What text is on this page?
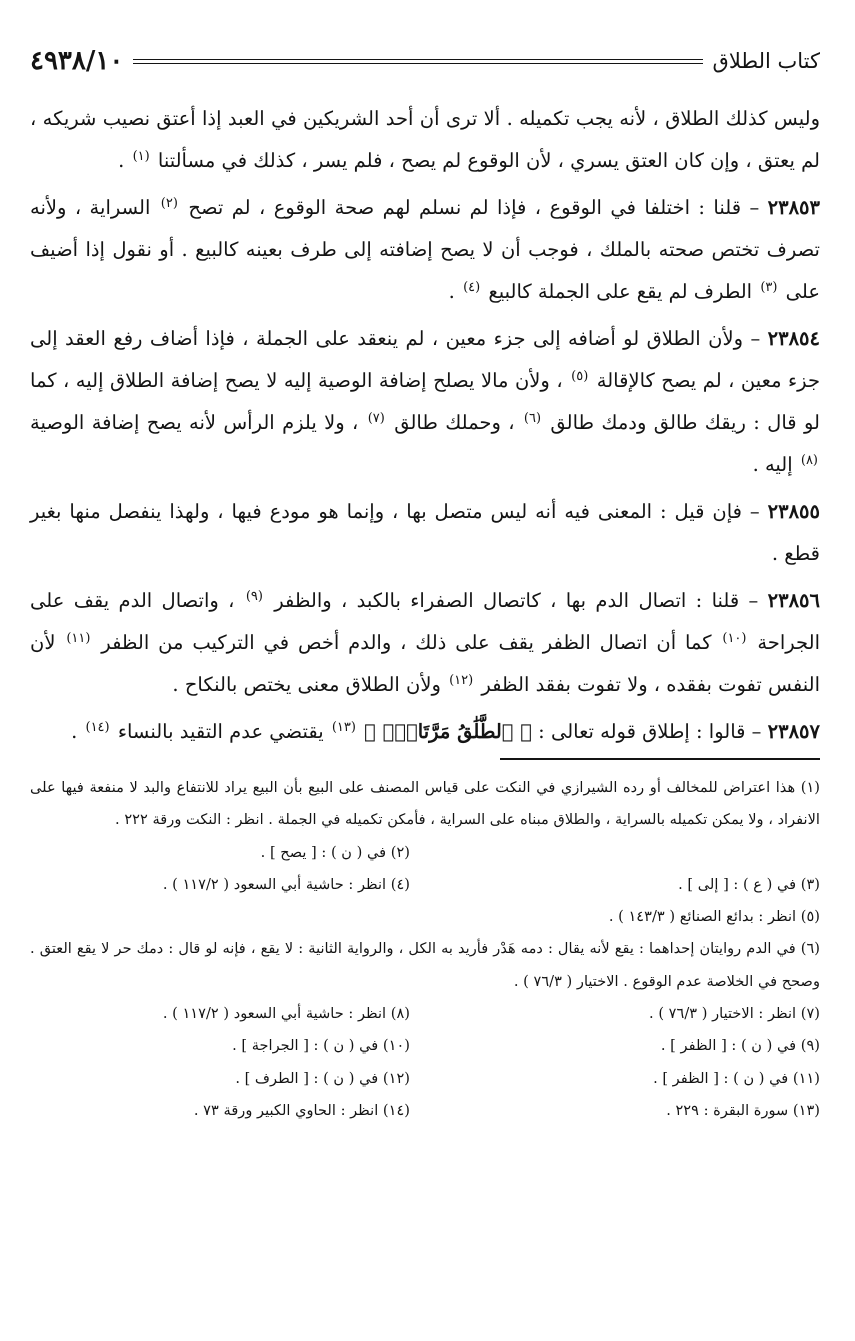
كتاب الطلاق
٤٩٣٨/١٠

وليس كذلك الطلاق ، لأنه يجب تكميله . ألا ترى أن أحد الشريكين في العبد إذا أعتق نصيب شريكه ، لم يعتق ، وإن كان العتق يسري ، لأن الوقوع لم يصح ، فلم يسر ، كذلك في مسألتنا $^{(١)}$ .

٢٣٨٥٣ – قلنا : اختلفا في الوقوع ، فإذا لم نسلم لهم صحة الوقوع ، لم تصح $^{(٢)}$ السراية ، ولأنه تصرف تختص صحته بالملك ، فوجب أن لا يصح إضافته إلى طرف بعينه كالبيع . أو نقول إذا أضيف على $^{(٣)}$ الطرف لم يقع على الجملة كالبيع $^{(٤)}$ .

٢٣٨٥٤ – ولأن الطلاق لو أضافه إلى جزء معين ، لم ينعقد على الجملة ، فإذا أضاف رفع العقد إلى جزء معين ، لم يصح كالإقالة $^{(٥)}$ ، ولأن مالا يصلح إضافة الوصية إليه لا يصح إضافة الطلاق إليه ، كما لو قال : ريقك طالق ودمك طالق $^{(٦)}$ ، وحملك طالق $^{(٧)}$ ، ولا يلزم الرأس لأنه يصح إضافة الوصية $^{(٨)}$ إليه .

٢٣٨٥٥ – فإن قيل : المعنى فيه أنه ليس متصل بها ، وإنما هو مودع فيها ، ولهذا ينفصل منها بغير قطع .

٢٣٨٥٦ – قلنا : اتصال الدم بها ، كاتصال الصفراء بالكبد ، والظفر $^{(٩)}$ ، واتصال الدم يقف على الجراحة $^{(١٠)}$ كما أن اتصال الظفر يقف على ذلك ، والدم أخص في التركيب من الظفر $^{(١١)}$ لأن النفس تفوت بفقده ، ولا تفوت بفقد الظفر $^{(١٢)}$ ولأن الطلاق معنى يختص بالنكاح .

٢٣٨٥٧ – قالوا : إطلاق قوله تعالى : ﴿ ٱلطَّلَٰقُ مَرَّتَانِۖ ﴾ $^{(١٣)}$ يقتضي عدم التقيد بالنساء $^{(١٤)}$ .

(١) هذا اعتراض للمخالف أو رده الشيرازي في النكت على قياس المصنف على البيع بأن البيع يراد للانتفاع والبد لا منفعة فيها على الانفراد ، ولا يمكن تكميله بالسراية ، والطلاق مبناه على السراية ، فأمكن تكميله في الجملة . انظر : النكت ورقة ٢٢٢ .
(٢) في ( ن ) : [ يصح ] .
(٣) في ( ع ) : [ إلى ] .
(٤) انظر : حاشية أبي السعود ( ١١٧/٢ ) .
(٥) انظر : بدائع الصنائع ( ١٤٣/٣ ) .
(٦) في الدم روايتان إحداهما : يقع لأنه يقال : دمه هَدْر فأريد به الكل ، والرواية الثانية : لا يقع ، فإنه لو قال : دمك حر لا يقع العتق . وصحح في الخلاصة عدم الوقوع . الاختيار ( ٧٦/٣ ) .
(٧) انظر : الاختيار ( ٧٦/٣ ) .
(٨) انظر : حاشية أبي السعود ( ١١٧/٢ ) .
(٩) في ( ن ) : [ الظفر ] .
(١٠) في ( ن ) : [ الجراجة ] .
(١١) في ( ن ) : [ الظفر ] .
(١٢) في ( ن ) : [ الطرف ] .
(١٣) سورة البقرة : ٢٢٩ .
(١٤) انظر : الحاوي الكبير ورقة ٧٣ .
